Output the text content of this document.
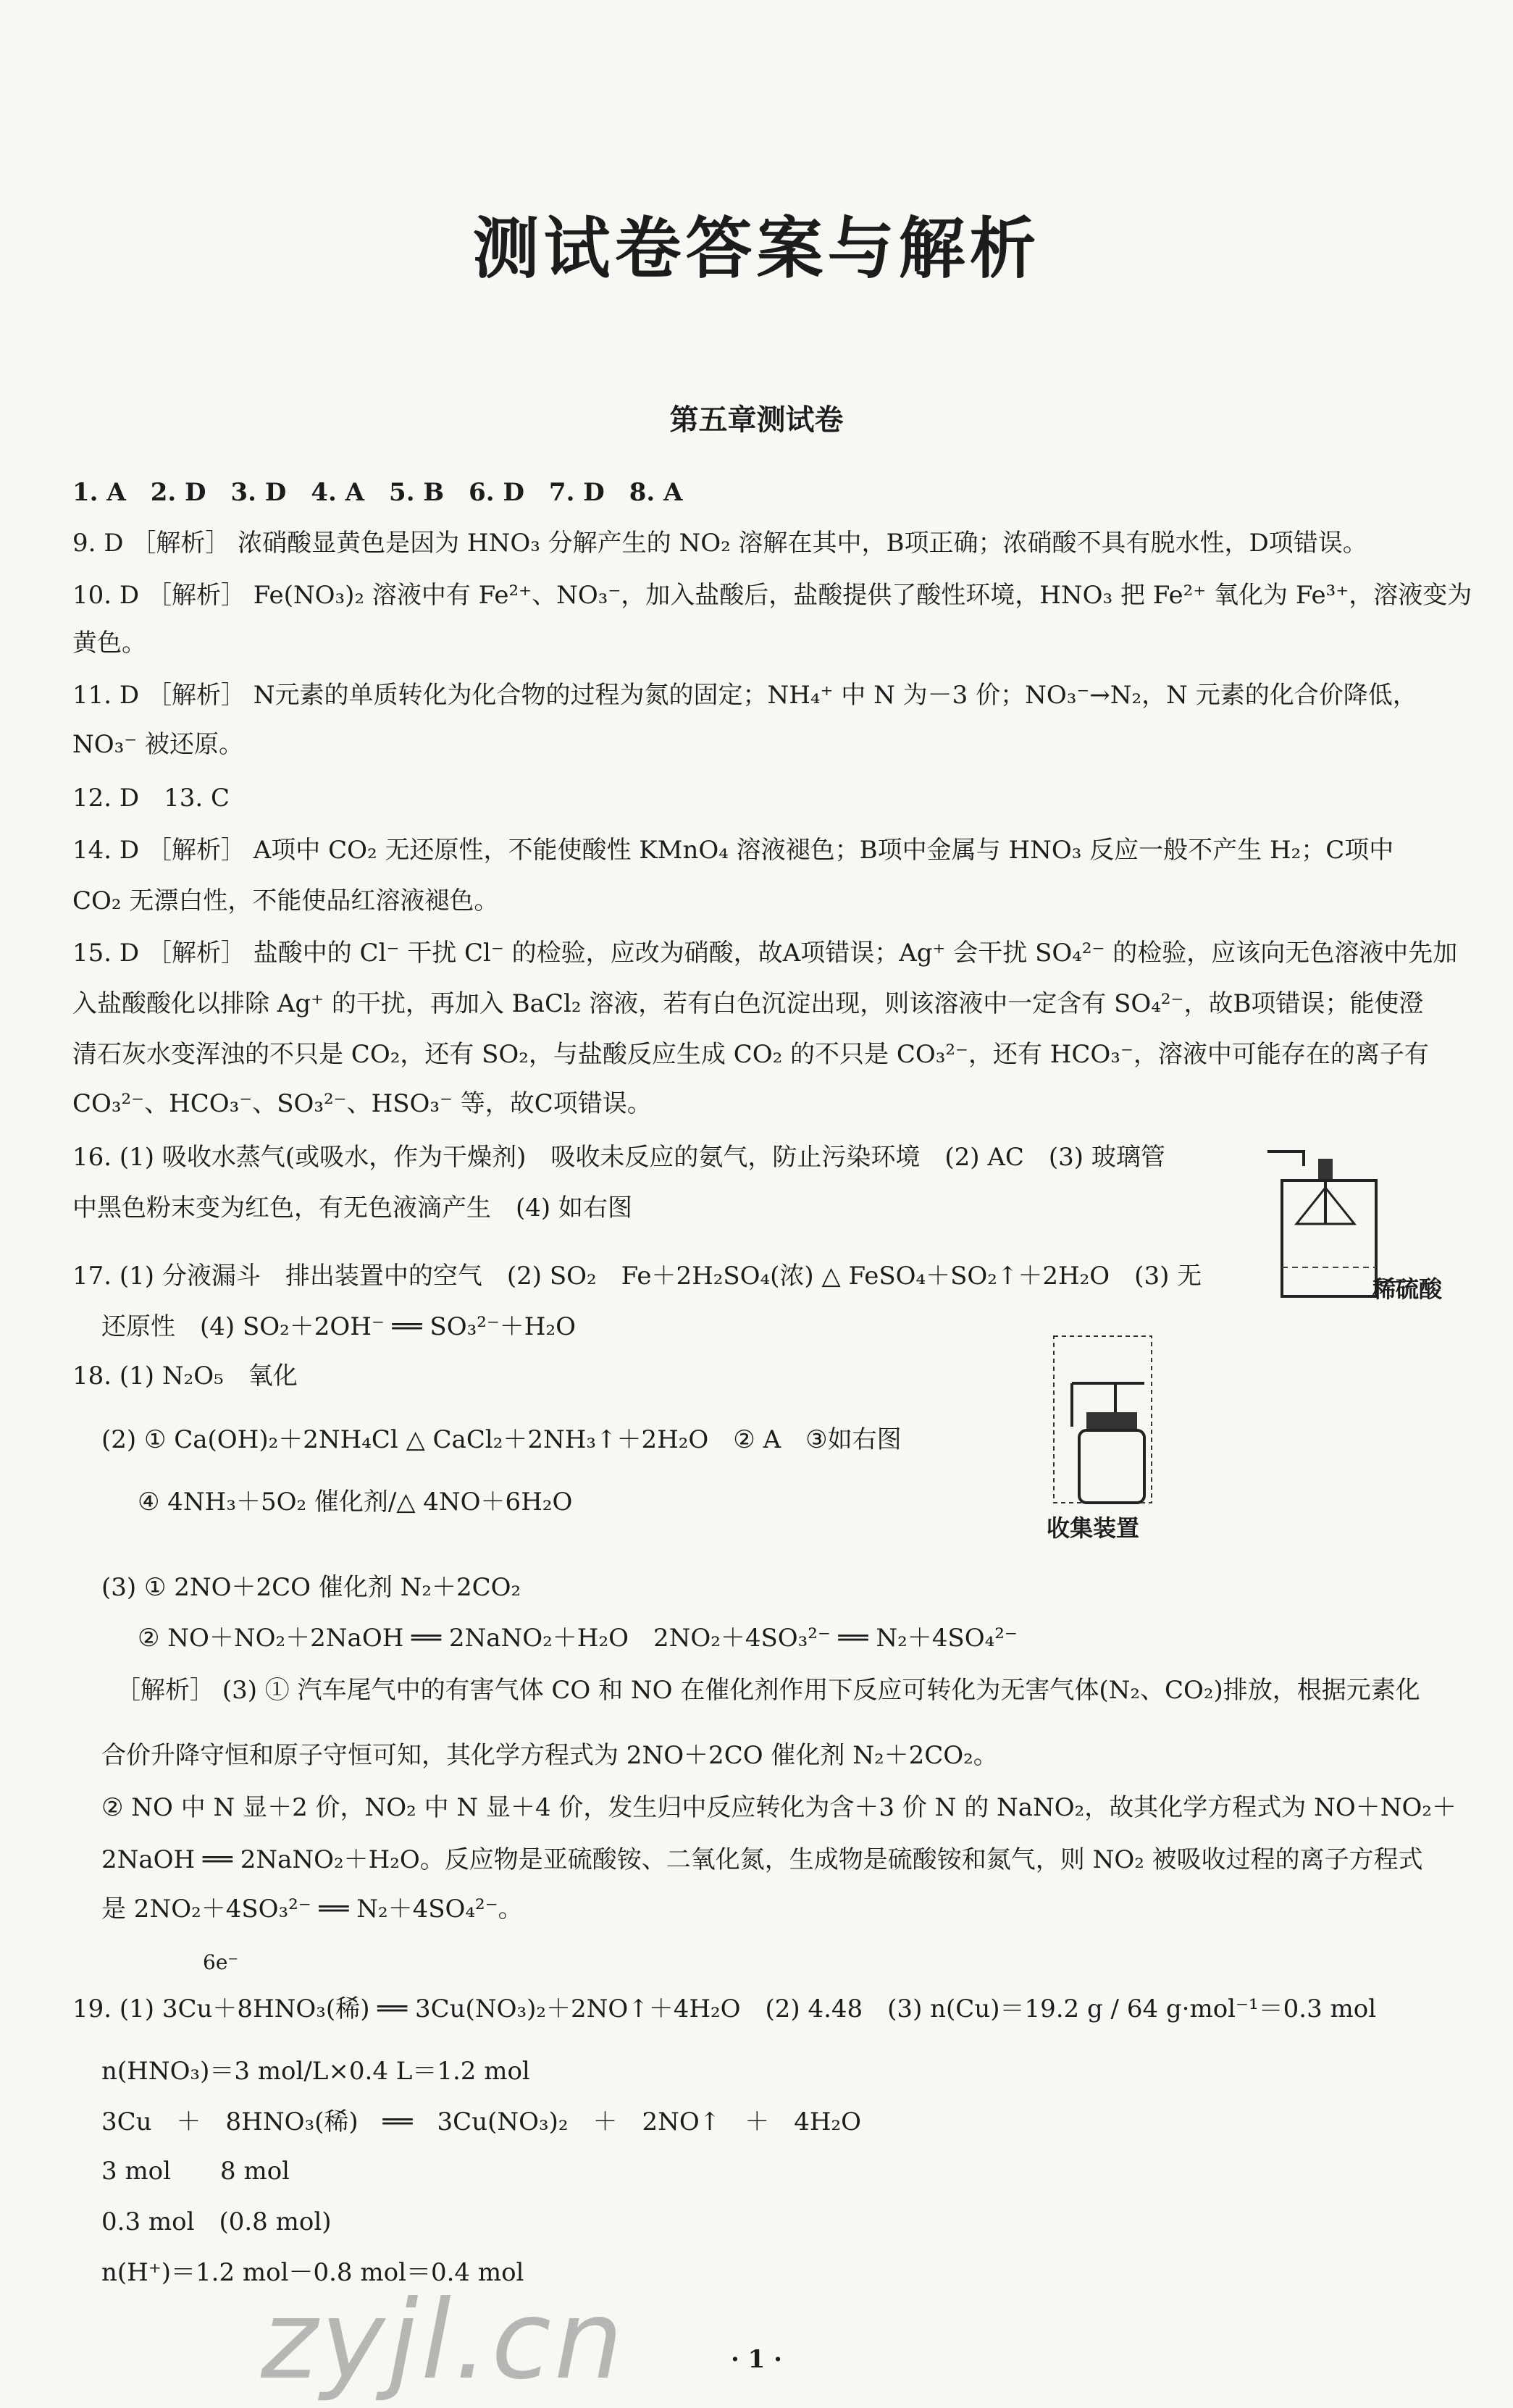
测试卷答案与解析
第五章测试卷
1. A　2. D　3. D　4. A　5. B　6. D　7. D　8. A
9. D ［解析］ 浓硝酸显黄色是因为 HNO₃ 分解产生的 NO₂ 溶解在其中，B项正确；浓硝酸不具有脱水性，D项错误。
10. D ［解析］ Fe(NO₃)₂ 溶液中有 Fe²⁺、NO₃⁻，加入盐酸后，盐酸提供了酸性环境，HNO₃ 把 Fe²⁺ 氧化为 Fe³⁺，溶液变为
黄色。
11. D ［解析］ N元素的单质转化为化合物的过程为氮的固定；NH₄⁺ 中 N 为－3 价；NO₃⁻→N₂，N 元素的化合价降低，
NO₃⁻ 被还原。
12. D　13. C
14. D ［解析］ A项中 CO₂ 无还原性，不能使酸性 KMnO₄ 溶液褪色；B项中金属与 HNO₃ 反应一般不产生 H₂；C项中
CO₂ 无漂白性，不能使品红溶液褪色。
15. D ［解析］ 盐酸中的 Cl⁻ 干扰 Cl⁻ 的检验，应改为硝酸，故A项错误；Ag⁺ 会干扰 SO₄²⁻ 的检验，应该向无色溶液中先加
入盐酸酸化以排除 Ag⁺ 的干扰，再加入 BaCl₂ 溶液，若有白色沉淀出现，则该溶液中一定含有 SO₄²⁻，故B项错误；能使澄
清石灰水变浑浊的不只是 CO₂，还有 SO₂，与盐酸反应生成 CO₂ 的不只是 CO₃²⁻，还有 HCO₃⁻，溶液中可能存在的离子有
CO₃²⁻、HCO₃⁻、SO₃²⁻、HSO₃⁻ 等，故C项错误。
16. (1) 吸收水蒸气(或吸水，作为干燥剂)　吸收未反应的氨气，防止污染环境　(2) AC　(3) 玻璃管
中黑色粉末变为红色，有无色液滴产生　(4) 如右图
17. (1) 分液漏斗　排出装置中的空气　(2) SO₂　Fe＋2H₂SO₄(浓) △ FeSO₄＋SO₂↑＋2H₂O　(3) 无
还原性　(4) SO₂＋2OH⁻ ══ SO₃²⁻＋H₂O
18. (1) N₂O₅　氧化
(2) ① Ca(OH)₂＋2NH₄Cl △ CaCl₂＋2NH₃↑＋2H₂O　② A　③如右图
④ 4NH₃＋5O₂ 催化剂/△ 4NO＋6H₂O
(3) ① 2NO＋2CO 催化剂 N₂＋2CO₂
② NO＋NO₂＋2NaOH ══ 2NaNO₂＋H₂O　2NO₂＋4SO₃²⁻ ══ N₂＋4SO₄²⁻
［解析］ (3) ① 汽车尾气中的有害气体 CO 和 NO 在催化剂作用下反应可转化为无害气体(N₂、CO₂)排放，根据元素化
合价升降守恒和原子守恒可知，其化学方程式为 2NO＋2CO 催化剂 N₂＋2CO₂。
② NO 中 N 显＋2 价，NO₂ 中 N 显＋4 价，发生归中反应转化为含＋3 价 N 的 NaNO₂，故其化学方程式为 NO＋NO₂＋
2NaOH ══ 2NaNO₂＋H₂O。反应物是亚硫酸铵、二氧化氮，生成物是硫酸铵和氮气，则 NO₂ 被吸收过程的离子方程式
是 2NO₂＋4SO₃²⁻ ══ N₂＋4SO₄²⁻。
6e⁻
19. (1) 3Cu＋8HNO₃(稀) ══ 3Cu(NO₃)₂＋2NO↑＋4H₂O　(2) 4.48　(3) n(Cu)＝19.2 g / 64 g·mol⁻¹＝0.3 mol
n(HNO₃)＝3 mol/L×0.4 L＝1.2 mol
3Cu　＋　8HNO₃(稀)　══　3Cu(NO₃)₂　＋　2NO↑　＋　4H₂O
3 mol　　8 mol
0.3 mol　(0.8 mol)
n(H⁺)＝1.2 mol－0.8 mol＝0.4 mol
稀硫酸
收集装置
zyjl.cn	· 1 ·
